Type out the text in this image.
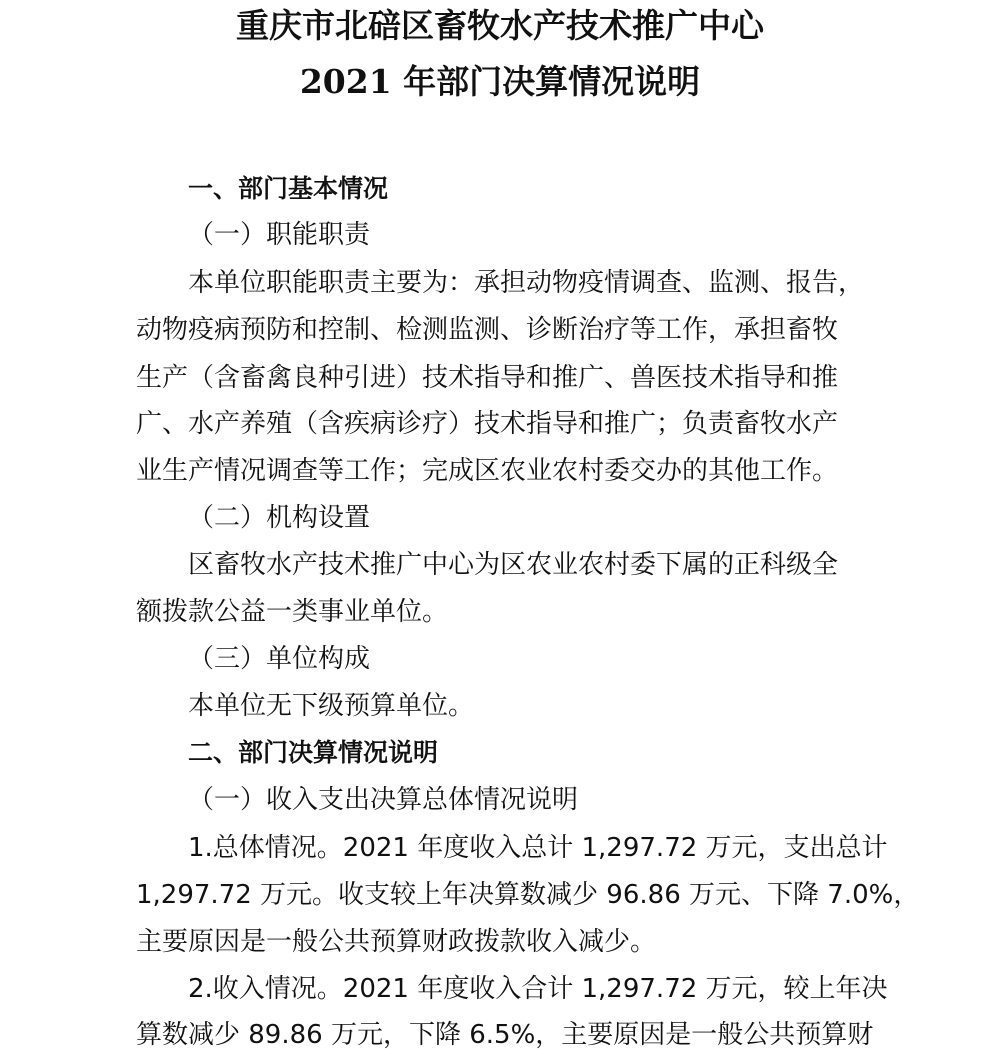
重庆市北碚区畜牧水产技术推广中心
2021 年部门决算情况说明
一、部门基本情况
（一）职能职责
本单位职能职责主要为：承担动物疫情调查、监测、报告，
动物疫病预防和控制、检测监测、诊断治疗等工作，承担畜牧
生产（含畜禽良种引进）技术指导和推广、兽医技术指导和推
广、水产养殖（含疾病诊疗）技术指导和推广；负责畜牧水产
业生产情况调查等工作；完成区农业农村委交办的其他工作。
（二）机构设置
区畜牧水产技术推广中心为区农业农村委下属的正科级全
额拨款公益一类事业单位。
（三）单位构成
本单位无下级预算单位。
二、部门决算情况说明
（一）收入支出决算总体情况说明
1.总体情况。2021 年度收入总计 1,297.72 万元，支出总计
1,297.72 万元。收支较上年决算数减少 96.86 万元、下降 7.0%，
主要原因是一般公共预算财政拨款收入减少。
2.收入情况。2021 年度收入合计 1,297.72 万元，较上年决
算数减少 89.86 万元，下降 6.5%，主要原因是一般公共预算财
